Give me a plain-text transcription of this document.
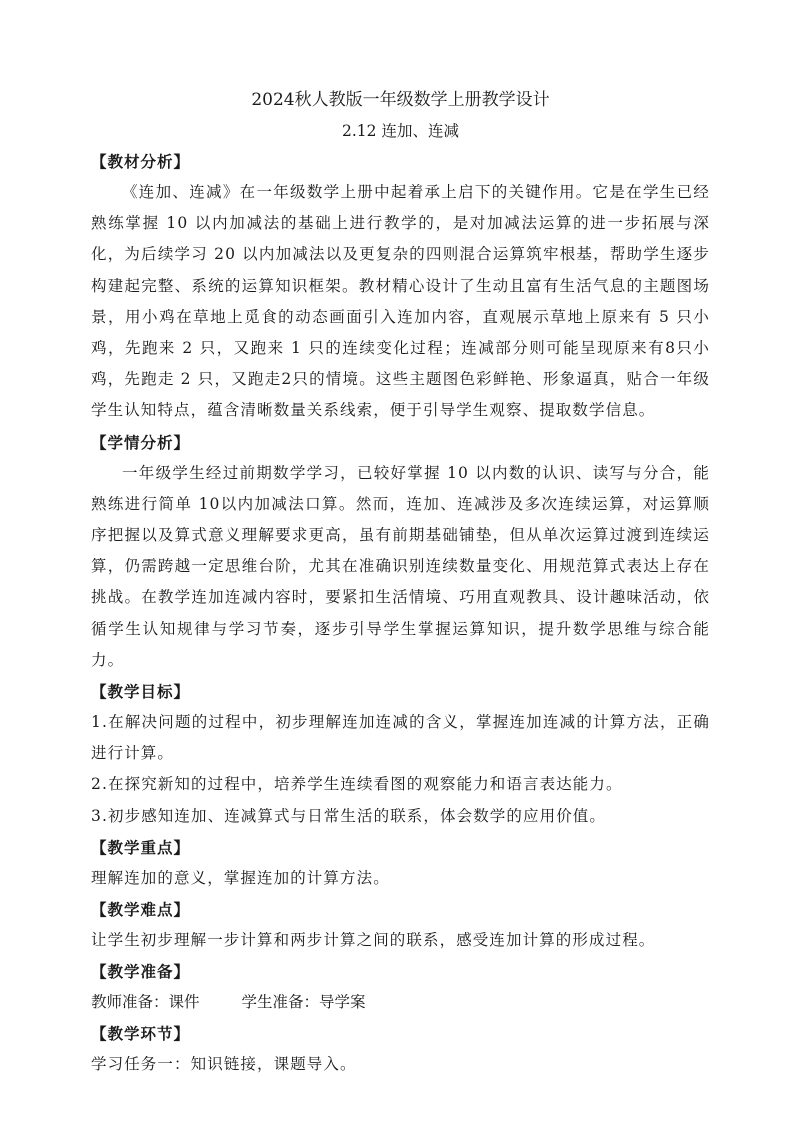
2024秋人教版一年级数学上册教学设计

2.12 连加、连减

【教材分析】

《连加、连减》在一年级数学上册中起着承上启下的关键作用。它是在学生已经熟练掌握 10 以内加减法的基础上进行教学的，是对加减法运算的进一步拓展与深化，为后续学习 20 以内加减法以及更复杂的四则混合运算筑牢根基，帮助学生逐步构建起完整、系统的运算知识框架。教材精心设计了生动且富有生活气息的主题图场景，用小鸡在草地上觅食的动态画面引入连加内容，直观展示草地上原来有 5 只小鸡，先跑来 2 只，又跑来 1 只的连续变化过程；连减部分则可能呈现原来有8只小鸡，先跑走 2 只，又跑走2只的情境。这些主题图色彩鲜艳、形象逼真，贴合一年级学生认知特点，蕴含清晰数量关系线索，便于引导学生观察、提取数学信息。

【学情分析】

一年级学生经过前期数学学习，已较好掌握 10 以内数的认识、读写与分合，能熟练进行简单 10以内加减法口算。然而，连加、连减涉及多次连续运算，对运算顺序把握以及算式意义理解要求更高，虽有前期基础铺垫，但从单次运算过渡到连续运算，仍需跨越一定思维台阶，尤其在准确识别连续数量变化、用规范算式表达上存在挑战。在教学连加连减内容时，要紧扣生活情境、巧用直观教具、设计趣味活动，依循学生认知规律与学习节奏，逐步引导学生掌握运算知识，提升数学思维与综合能力。

【教学目标】

1.在解决问题的过程中，初步理解连加连减的含义，掌握连加连减的计算方法，正确进行计算。

2.在探究新知的过程中，培养学生连续看图的观察能力和语言表达能力。

3.初步感知连加、连减算式与日常生活的联系，体会数学的应用价值。

【教学重点】

理解连加的意义，掌握连加的计算方法。

【教学难点】

让学生初步理解一步计算和两步计算之间的联系，感受连加计算的形成过程。

【教学准备】

教师准备：课件	学生准备：导学案

【教学环节】

学习任务一：知识链接，课题导入。
